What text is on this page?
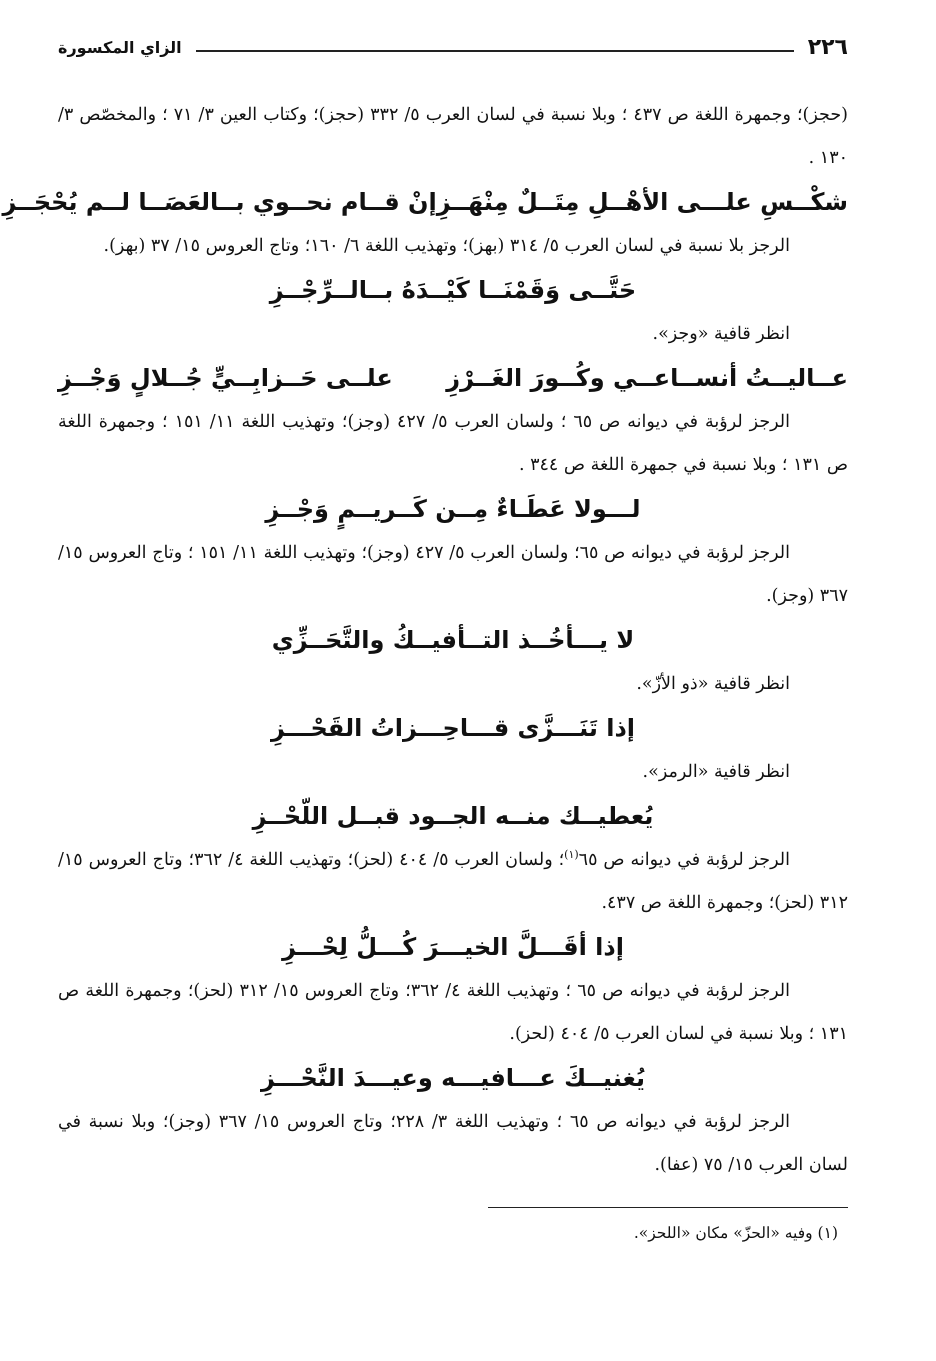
٢٢٦
الزاي المكسورة

(حجز)؛ وجمهرة اللغة ص ٤٣٧ ؛ وبلا نسبة في لسان العرب ٥/ ٣٣٢ (حجز)؛ وكتاب العين ٣/ ٧١ ؛ والمخصّص ٣/ ١٣٠ .

شكْــسِ علـــى الأهْــلِ مِتَــلٌ مِنْهَــزِ
إنْ قــام نحــوي بــالعَصَــا لــم يُحْجَــزِ

الرجز بلا نسبة في لسان العرب ٥/ ٣١٤ (بهز)؛ وتهذيب اللغة ٦/ ١٦٠؛ وتاج العروس ١٥/ ٣٧ (بهز).

حَتَّــى وَقَمْنَــا كَيْــدَهُ بــالــرِّجْــزِ

انظر قافية «وجز».

عــاليــتُ أنســاعــي وكُــورَ الغَــرْزِ
علــى حَــزابِــيٍّ جُــلالٍ وَجْــزِ

الرجز لرؤبة في ديوانه ص ٦٥ ؛ ولسان العرب ٥/ ٤٢٧ (وجز)؛ وتهذيب اللغة ١١/ ١٥١ ؛ وجمهرة اللغة ص ١٣١ ؛ وبلا نسبة في جمهرة اللغة ص ٣٤٤ .

لـــولا عَطَـاءٌ مِــن كَــريــمٍ وَجْــزِ

الرجز لرؤبة في ديوانه ص ٦٥؛ ولسان العرب ٥/ ٤٢٧ (وجز)؛ وتهذيب اللغة ١١/ ١٥١ ؛ وتاج العروس ١٥/ ٣٦٧ (وجز).

لا يـــأخُــذ التــأفيــكُ والتَّحَــزِّي

انظر قافية «ذو الأزّ».

إذا تَنَـــزَّى قـــاحِـــزاتُ القَحْـــزِ

انظر قافية «الرمز».

يُعطيــك منــه الجــود قبــل اللّحْــزِ

الرجز لرؤبة في ديوانه ص ٦٥$^{(١)}$؛ ولسان العرب ٥/ ٤٠٤ (لحز)؛ وتهذيب اللغة ٤/ ٣٦٢؛ وتاج العروس ١٥/ ٣١٢ (لحز)؛ وجمهرة اللغة ص ٤٣٧.

إذا أقَـــلَّ الخيـــرَ كُـــلُّ لِحْـــزِ

الرجز لرؤبة في ديوانه ص ٦٥ ؛ وتهذيب اللغة ٤/ ٣٦٢؛ وتاج العروس ١٥/ ٣١٢ (لحز)؛ وجمهرة اللغة ص ١٣١ ؛ وبلا نسبة في لسان العرب ٥/ ٤٠٤ (لحز).

يُغنيــكَ عـــافيـــه وعيـــدَ النَّحْـــزِ

الرجز لرؤبة في ديوانه ص ٦٥ ؛ وتهذيب اللغة ٣/ ٢٢٨؛ وتاج العروس ١٥/ ٣٦٧ (وجز)؛ وبلا نسبة في لسان العرب ١٥/ ٧٥ (عفا).

(١) وفيه «الحزّ» مكان «اللحز».
